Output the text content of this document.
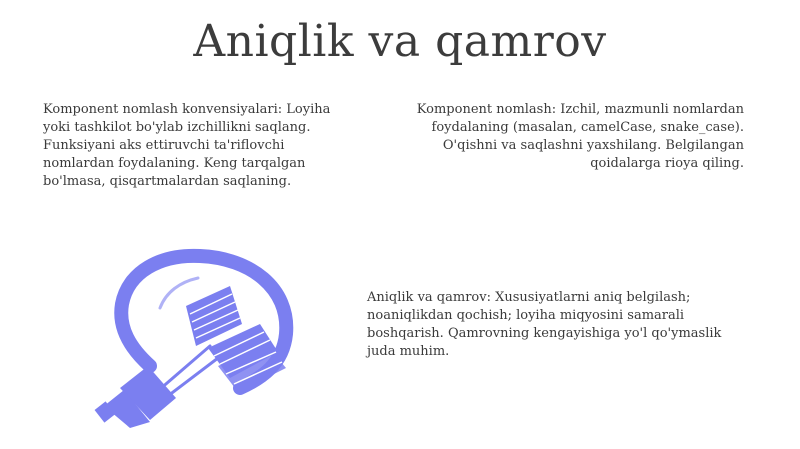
Aniqlik va qamrov
Komponent nomlash konvensiyalari: Loyiha yoki tashkilot bo'ylab izchillikni saqlang. Funksiyani aks ettiruvchi ta'riflovchi nomlardan foydalaning. Keng tarqalgan bo'lmasa, qisqartmalardan saqlaning.
Komponent nomlash: Izchil, mazmunli nomlardan foydalaning (masalan, camelCase, snake_case). O'qishni va saqlashni yaxshilang. Belgilangan qoidalarga rioya qiling.
Aniqlik va qamrov: Xususiyatlarni aniq belgilash; noaniqlikdan qochish; loyiha miqyosini samarali boshqarish. Qamrovning kengayishiga yo'l qo'ymaslik juda muhim.
